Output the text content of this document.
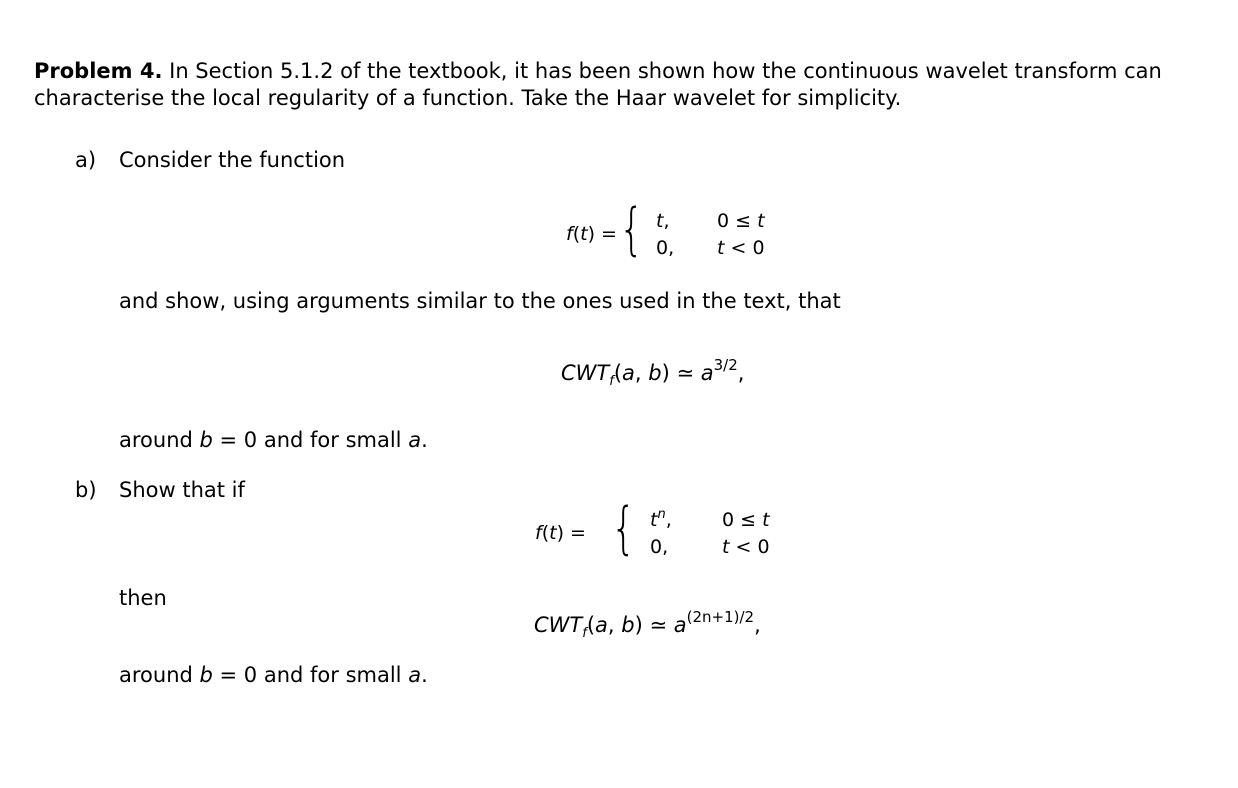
Problem 4. In Section 5.1.2 of the textbook, it has been shown how the continuous wavelet transform can
characterise the local regularity of a function. Take the Haar wavelet for simplicity.
a) Consider the function
f(t) = { t,
0,
0 ≤ t
t < 0
and show, using arguments similar to the ones used in the text, that
$CWT_f(a$, b) ≃ $a^{3/2}$,
around b = 0 and for small a.
b) Show that if
f(t) = { $t^n$,
0,
0 ≤ t
t < 0
then
$CWT_f(a$, b) ≃ $a^{(2n+1)/2}$,
around b = 0 and for small a.
